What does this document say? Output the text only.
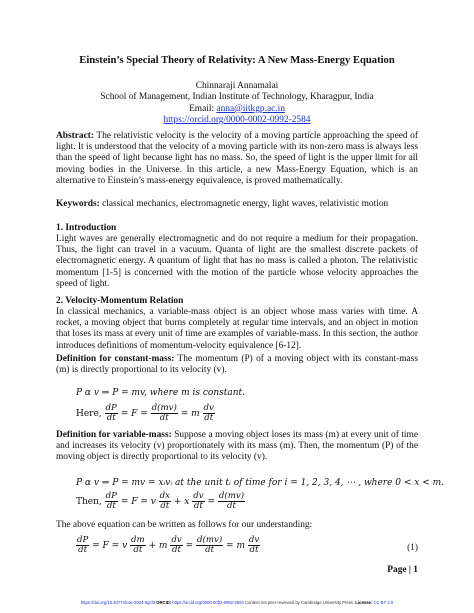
Einstein’s Special Theory of Relativity: A New Mass-Energy Equation
Chinnaraji Annamalai
School of Management, Indian Institute of Technology, Kharagpur, India
Email: anna@iitkgp.ac.in
https://orcid.org/0000-0002-0992-2584

Abstract: The relativistic velocity is the velocity of a moving particle approaching the speed of light. It is understood that the velocity of a moving particle with its non-zero mass is always less than the speed of light because light has no mass. So, the speed of light is the upper limit for all moving bodies in the Universe. In this article, a new Mass-Energy Equation, which is an alternative to Einstein’s mass-energy equivalence, is proved mathematically.

Keywords: classical mechanics, electromagnetic energy, light waves, relativistic motion

1. Introduction

Light waves are generally electromagnetic and do not require a medium for their propagation. Thus, the light can travel in a vacuum. Quanta of light are the smallest discrete packets of electromagnetic energy. A quantum of light that has no mass is called a photon. The relativistic momentum [1-5] is concerned with the motion of the particle whose velocity approaches the speed of light.

2. Velocity-Momentum Relation

In classical mechanics, a variable-mass object is an object whose mass varies with time. A rocket, a moving object that burns completely at regular time intervals, and an object in motion that loses its mass at every unit of time are examples of variable-mass. In this section, the author introduces definitions of momentum-velocity equivalence [6-12].

Definition for constant-mass: The momentum (P) of a moving object with its constant-mass (m) is directly proportional to its velocity (v).

P α v ⇒ P = mv, where m is constant.
Here, $\frac{dP}{dt} = F = \frac{d(mv)}{dt} = m \frac{dv}{dt}$

Definition for variable-mass: Suppose a moving object loses its mass (m) at every unit of time and increases its velocity (v) proportionately with its mass (m). Then, the momentum (P) of the moving object is directly proportional to its velocity (v).

P α v ⇒ P = mv = xᵢvᵢ at the unit tᵢ of time for i = 1, 2, 3, 4, ⋯ , where 0 < x < m.
Then, $\frac{dP}{dt} = F = v \frac{dx}{dt} + x \frac{dv}{dt} = \frac{d(mv)}{dt}$

The above equation can be written as follows for our understanding:

$\frac{dP}{dt} = F = v \frac{dm}{dt} + m \frac{dv}{dt} = \frac{d(mv)}{dt} = m \frac{dv}{dt}$	(1)
Page | 1
https://doi.org/10.33774/coe-2024-0gcht ORCID: https://orcid.org/0000-0002-0992-2584 Content not peer-reviewed by Cambridge University Press. License: CC BY 4.0
